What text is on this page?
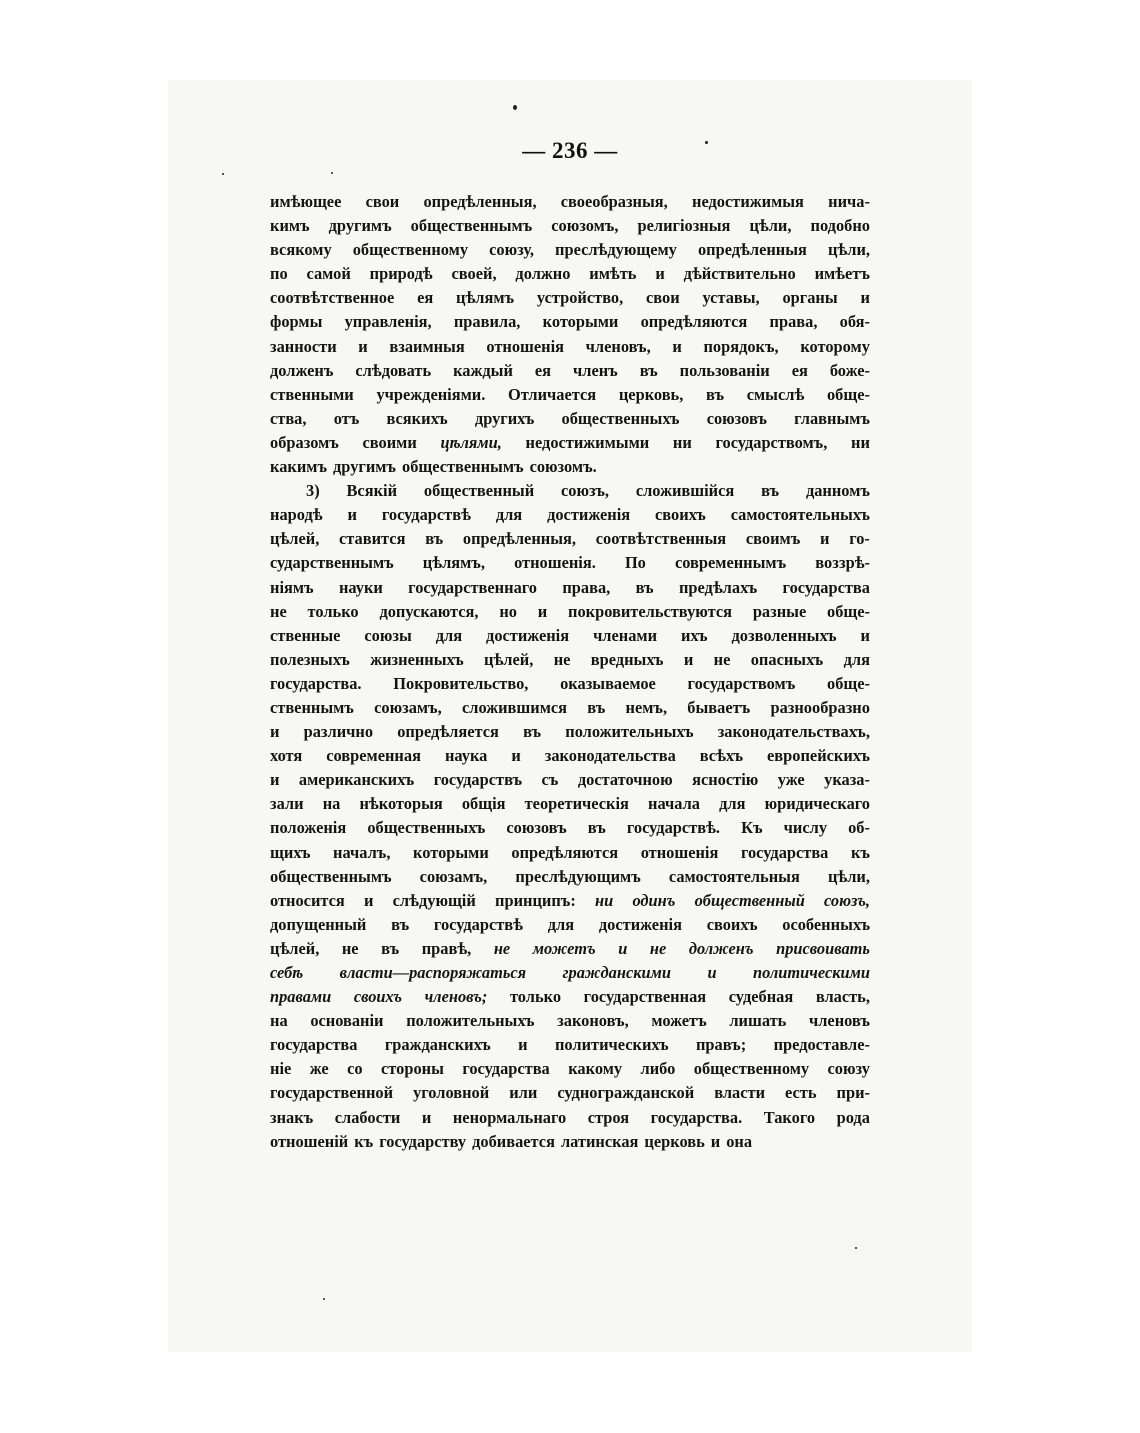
— 236 —
имѣющее свои опредѣленныя, своеобразныя, недостижимыя нича-
кимъ другимъ общественнымъ союзомъ, религіозныя цѣли, подобно
всякому общественному союзу, преслѣдующему опредѣленныя цѣли,
по самой природѣ своей, должно имѣть и дѣйствительно имѣетъ
соотвѣтственное ея цѣлямъ устройство, свои уставы, органы и
формы управленія, правила, которыми опредѣляются права, обя-
занности и взаимныя отношенія членовъ, и порядокъ, которому
долженъ слѣдовать каждый ея членъ въ пользованіи ея боже-
ственными учрежденіями. Отличается церковь, въ смыслѣ обще-
ства, отъ всякихъ другихъ общественныхъ союзовъ главнымъ
образомъ своими цѣлями, недостижимыми ни государствомъ, ни
какимъ другимъ общественнымъ союзомъ.
3) Всякій общественный союзъ, сложившійся въ данномъ
народѣ и государствѣ для достиженія своихъ самостоятельныхъ
цѣлей, ставится въ опредѣленныя, соотвѣтственныя своимъ и го-
сударственнымъ цѣлямъ, отношенія. По современнымъ воззрѣ-
ніямъ науки государственнаго права, въ предѣлахъ государства
не только допускаются, но и покровительствуются разные обще-
ственные союзы для достиженія членами ихъ дозволенныхъ и
полезныхъ жизненныхъ цѣлей, не вредныхъ и не опасныхъ для
государства. Покровительство, оказываемое государствомъ обще-
ственнымъ союзамъ, сложившимся въ немъ, бываетъ разнообразно
и различно опредѣляется въ положительныхъ законодательствахъ,
хотя современная наука и законодательства всѣхъ европейскихъ
и американскихъ государствъ съ достаточною ясностію уже указа-
зали на нѣкоторыя общія теоретическія начала для юридическаго
положенія общественныхъ союзовъ въ государствѣ. Къ числу об-
щихъ началъ, которыми опредѣляются отношенія государства къ
общественнымъ союзамъ, преслѣдующимъ самостоятельныя цѣли,
относится и слѣдующій принципъ: ни одинъ общественный союзъ,
допущенный въ государствѣ для достиженія своихъ особенныхъ
цѣлей, не въ правѣ, не можетъ и не долженъ присвоивать
себѣ власти—распоряжаться гражданскими и политическими
правами своихъ членовъ; только государственная судебная власть,
на основаніи положительныхъ законовъ, можетъ лишать членовъ
государства гражданскихъ и политическихъ правъ; предоставле-
ніе же со стороны государства какому либо общественному союзу
государственной уголовной или судногражданской власти есть при-
знакъ слабости и ненормальнаго строя государства. Такого рода
отношеній къ государству добивается латинская церковь и она
